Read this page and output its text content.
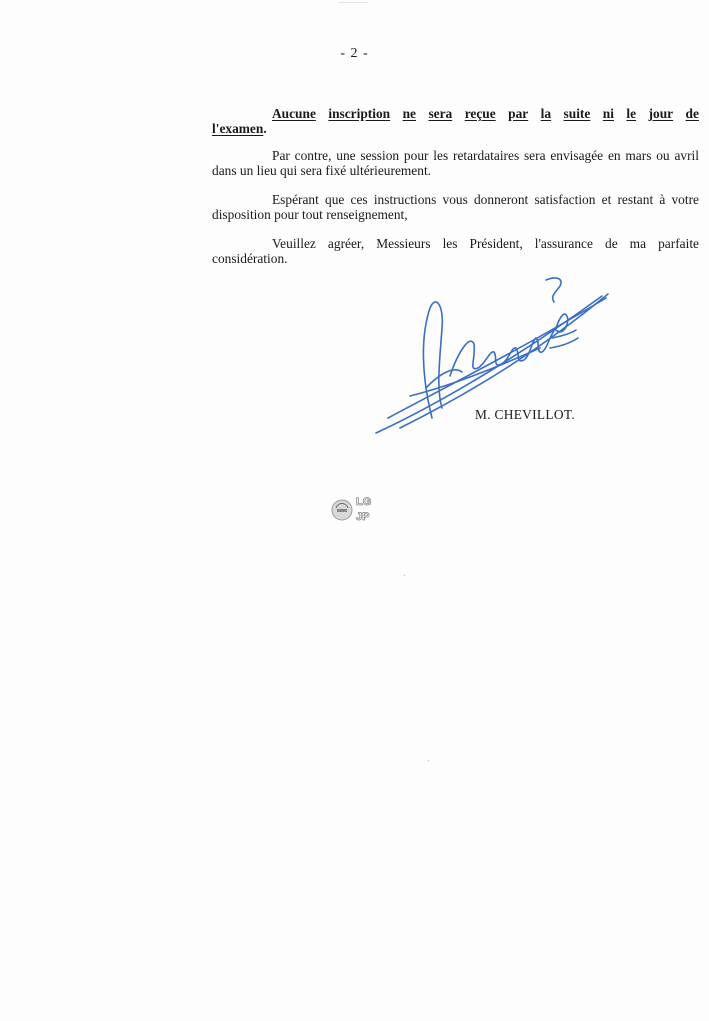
- 2 -
Aucune inscription ne sera reçue par la suite ni le jour de
l'examen.

Par contre, une session pour les retardataires sera envisagée en mars ou avril dans un lieu qui sera fixé ultérieurement.

Espérant que ces instructions vous donneront satisfaction et restant à votre disposition pour tout renseignement,

Veuillez agréer, Messieurs les Président, l'assurance de ma parfaite considération.

M. CHEVILLOT.
LG
JP
